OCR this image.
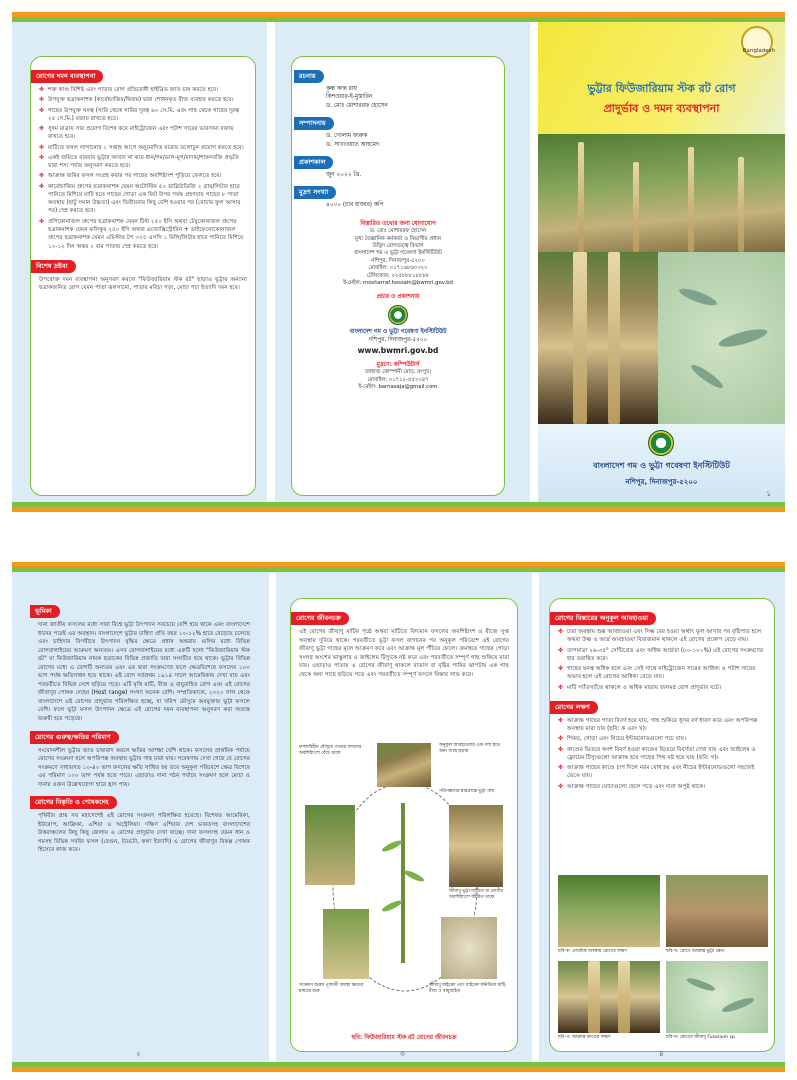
রোগের দমন ব্যবস্থাপনা
✤ শক্ত কাণ্ড বিশিষ্ট এবং পাতার রোগ প্রতিরোধী হাইব্রিড জাত চাষ করতে হবে।
✤ উপযুক্ত ছত্রাকনাশক (কার্বেন্ডাজিম/থিরাম) দ্বারা শোধনকৃত বীজ ব্যবহার করতে হবে।
✤ গাছের উপযুক্ত ঘনত্ব (সারি থেকে সারির দূরত্ব ৬০ সে.মি. এবং গাছ থেকে গাছের দূরত্ব ২৫ সে.মি.) বজায় রাখতে হবে।
✤ সুষম মাত্রায় সার প্রয়োগ বিশেষ করে নাইট্রোজেন এবং পটাশ সারের ভারসাম্য বজায় রাখতে হবে।
✤ মাটিতে ফসল লাগানোর ১ সপ্তাহ আগে অনুমোদিত মাত্রায় ডলোচুন প্রয়োগ করতে হবে।
✤ একই জমিতে বারবার ভুট্টার আবাদ না করে ধান/গম/ডাল-মুগ/বাদাম/শাকসবজি প্রভৃতি দ্বারা শস্য পর্যায় অনুসরণ করতে হবে।
✤ আক্রান্ত জমির ফসল সংগ্রহ করার পর গাছের অবশিষ্টাংশ পুড়িয়ে ফেলতে হবে।
✤ কার্বেন্ডাজিম গ্রুপের ছত্রাকনাশক যেমন অটোস্টিন ৫০ ডাব্লিউডিজি ২ গ্রাম/লিটার হারে পানিতে মিশিয়ে মাটি হতে গাছের গোড়া এক ফিট উপর পর্যন্ত গ্রহণযায় গাছের ৮ পাতা অবস্থায় (হাটু সমান উচ্চতা) এবং দ্বিতীয়বার কিছু বেশি হওয়ার পর (মোচায় ফুল আসার পর) স্প্রে করতে হবে।
✤ প্রপিকোনাজল গ্রুপের ছত্রাকনাশক যেমন টিল্ট ২৫০ ইসি অথবা টেবুকোনাজল গ্রুপের ছত্রাকনাশক যেমন ফলিকুর ২৫০ ইসি অথবা এজোক্সিস্ট্রোবিন + ডাইফেনোকোনাজল গ্রুপের ছত্রাকনাশক যেমন এমিস্টার টপ ৩২৫ এসসি ১ মিলি/লিটার হারে পানিতে মিশিয়ে ১০-১২ দিন অন্তর ২ বার পাতায় স্প্রে করতে হবে।
বিশেষ দ্রষ্টব্য
উপরোক্ত দমন ব্যবস্থাপনা অনুসরণ করলে "ফিউজারিয়াম স্টক রট" ছাড়াও ভুট্টার অন্যান্য ছত্রাকজনিত রোগ যেমন পাতা ঝলসানো, পাতার মরিচা পড়া, মোচা পচা ইত্যাদি দমন হবে।
রচনায়
কৃষ্ণ কান্ত রায়
কিশওয়ার-ই-মুস্তারিন
ড. মোঃ মোশাররফ হোসেন
সম্পাদনায়
ড. গোলাম ফারুক
ড. সাখাওয়াত আহমেদ
প্রকাশকাল
জুন ২০২২ খ্রি.
মুদ্রণ সংখ্যা
৪০০০ (চার হাজার) কপি
বিস্তারিত তথ্যের জন্য যোগাযোগ
ড. মোঃ মোশাররফ হোসেন
মুখ্য বৈজ্ঞানিক কর্মকর্তা ও বিভাগীয় প্রধান
উদ্ভিদ রোগতত্ত্ব বিভাগ
বাংলাদেশ গম ও ভুট্টা গবেষণা ইনস্টিটিউট
নশিপুর, দিনাজপুর-৫২০০
মোবাইল: ০১৭১৬৮৬০৩২০
টেলিফোন: ০২৫৮৮৮১৮৮৮৮
ই-মেইল: mosharraf.hossain@bwmri.gov.bd
প্রচার ও প্রকাশনায়
বাংলাদেশ গম ও ভুট্টা গবেষণা ইনস্টিটিউট
নশিপুর, দিনাজপুর-৫২০০
www.bwmri.gov.bd
মুদ্রণে: কম্পিউটার্স
জাহাজ কোম্পানী মোড়, রংপুর।
মোবাইল: ০১৭১২-৫৫২০৪৭
ই-মেইল: barnasaja@gmail.com
Bangladesh
ভুট্টার ফিউজারিয়াম স্টক রট রোগ
প্রাদুর্ভাব ও দমন ব্যবস্থাপনা
বাংলাদেশ গম ও ভুট্টা গবেষণা ইনস্টিটিউট
নশিপুর, দিনাজপুর-৫২০০
১
ভূমিকা
দানা জাতীয় ফসলের মধ্যে সারা বিশ্বে ভুট্টা উৎপাদন সবচেয়ে বেশি হয়ে থাকে এবং বাংলাদেশে ধানের পরেই এর অবস্থান। বাংলাদেশে ভুট্টার চাহিদা প্রতি বছর ১০-১২% হারে বেড়েছে চলেছে এবং চাহিদার বিপরীতে উৎপাদন বৃদ্ধির ক্ষেত্রে প্রধান অন্তরায় গুলির মধ্যে বিভিন্ন রোগবালাইয়ের আক্রমণ অন্যতম। এসব রোগবালাইয়ের মধ্যে একটি হলো "ফিউজারিয়াম স্টক রট" যা ফিউজারিয়াম নামক ছত্রাকের বিভিন্ন প্রজাতি দ্বারা সংঘটিত হয়ে থাকে। ভুট্টার বিভিন্ন রোগের মধ্যে এ রোগটি অন্যতম এবং এর দ্বারা সংক্রমণের ফলে ক্ষেত্রবিশেষে ফসলের ১০০ ভাগ পর্যন্ত ক্ষতিসাধন হয়ে থাকে। এই রোগ সর্বপ্রথম ১৯১৪ সালে আমেরিকায় দেখা যায় এবং পরবর্তীতে বিভিন্ন দেশে ছড়িয়ে পড়ে। এটি মৃত্তি মাটি, বীজ ও বায়ুবাহিত রোগ এবং এই রোগের জীবাণুর পোষক দেহের (Host range) সংখ্যা অনেক বেশি। সম্প্রতিকালে, ২০২০ সাল থেকে বাংলাদেশে এই রোগের প্রাদুর্ভাব পরিলক্ষিত হচ্ছে, যা খরিপ মৌসুমে অবমুক্তায় ভুট্টা ফসলে বেশি। ফলে ভুট্টা ফসল উৎপাদন ক্ষেত্রে এই রোগের দমন ব্যবস্থাপনা অনুসরণ করা অত্যন্ত জরুরী হয়ে পড়েছে।
রোগের গুরুত্ব/ক্ষতির পরিমাণ
সংবেদনশীল ভুট্টার জাত চাষাবাদ করলে ক্ষতির আশঙ্কা বেশি থাকে। ফসলের প্রাথমিক পর্যায়ে রোগের সংক্রমণ হলে অপরিপক্ক অবস্থায় ভুট্টার গাছ মারা যায়। গবেষণায় দেখা গেছে যে রোগের সংক্রমণে সাধারণত ১০-৪০ ভাগ ফসলের ক্ষতি সাধিত হয় তবে অনুকূল পরিবেশে ক্ষেত্র বিশেষে এর পরিমাণ ১০০ ভাগ পর্যন্ত হতে পারে। এছাড়াও দানা গঠন পর্যায়ে সংক্রমণ হলে মোচা ও দানার ওজন উল্লেখযোগ্য হারে হ্রাস পায়।
রোগের বিস্তৃতি ও পোষকদেহ
পৃথিবীর প্রায় সব মহাদেশেই এই রোগের সংক্রমণ পরিলক্ষিত হয়েছে। বিশেষত আমেরিকা, ইউরোপ, আফ্রিকা, এশিয়া ও অস্ট্রেলিয়া। দক্ষিণ এশিয়ার দেশ ভারতসহ বাংলাদেশের উত্তরাঞ্চলের কিছু কিছু জেলায় এ রোগের প্রাদুর্ভাব দেখা যাচ্ছে। দানা ফসলসহ যেমন ধান ও গমসহ বিভিন্ন সবজি ফসল (বেগুন, টমেটো, কলা ইত্যাদি) এ রোগের জীবাণুর বিকল্প পোষক হিসেবে কাজ করে।
২
রোগের জীবনচক্র
এই রোগের জীবাণু মাটির পৃষ্ঠে অথবা মাটিতে বিদ্যমান ফসলের অবশিষ্টাংশ ও বীজে সুপ্ত অবস্থায় দুবিয়ে থাকে। পরবর্তীতে ভুট্টা ফসল বাগানের পর অনুকূল পরিবেশে এই রোগের জীবাণু ভুট্টা গাছের মূলে আক্রমণ করে এবং আক্রান্ত মূল পঁচিয়ে ফেলে। ক্রমান্বয়ে গাছের গোড়া সংলগ্ন অংশের ভাস্কুলার ও জাইলেম টিস্যুকে নষ্ট করে এবং পরবর্তীতে সম্পূর্ণ গাছ শুকিয়ে মারা যায়। এছাড়াও পাতায় এ রোগের জীবাণু থাকলে বাতাস বা বৃষ্টির পানির ঝাপটায় এক গাছ থেকে অন্য গাছে ছড়িয়ে পড়ে এবং পরবর্তীতে সম্পূর্ণ ফসলে বিস্তার লাভ করে।
ফসলবিহীন মৌসুমে পাতার ফসলের অবশিষ্টাংশে বেঁচে থাকে
অনুকূল আবহাওয়ায় এক গাছ হতে অন্য গাছে ছড়ায়
পরিপক্কতার দ্বারপ্রান্তে ভুট্টা গাছ
জীবাণু ভুট্টা মাটিতে বা রোগীর অবশিষ্টাংশে জীবিত থাকে
সংক্রমণ শুরুর পূর্ববর্তী অবস্থা ক্ষতের মাধ্যমে শুরু
জীবাণু মাইক্রো এবং মাইক্রো কনিডিয়া মাটি, বীজ ও বায়ুবাহিত
ছবি: ফিউজারিয়াম স্টক রট রোগের জীবনচক্র
৩
রোগের বিস্তারের অনুকূল আবহাওয়া
✤ চারা অবস্থায় শুষ্ক আবহাওয়া এবং সিল্ক বের হওয়া অর্থাৎ ফুল আসার পর বৃষ্টিপাত হলে অথবা উষ্ণ ও আর্দ্র আবহাওয়া বিরাজমান থাকলে এই রোগের প্রকোপ বেড়ে যায়।
✤ তাপমাত্রা ২৬-৩৫° সেন্টিগ্রেড এবং অধিক আর্দ্রতা (৮০-১০০%) এই রোগের সংক্রমণের হার তরান্বিত করে।
✤ গাছের ঘনত্ব অধিক হলে এবং সেই সাথে নাইট্রোজেন সারের আধিক্য ও পটাশ সারের অভাব হলে এই রোগের আধিক্য বেড়ে যায়।
✤ মাটি স্যাঁতস্যাঁতে থাকলে ও অধিক মাত্রায় জলমগ্ন রোগ প্রাদুর্ভাব ঘটে।
রোগের লক্ষণ
✤ আক্রান্ত গাছের পাতা বিবর্ণ হয়ে যায়, গাছ শুকিয়ে ধূসর বর্ণ ধারণ করে এবং অপরিপক্ক অবস্থায় মারা যায় (ছবি: ক এবং খ)।
✤ শিকড়, গোড়া এবং নিচের ইন্টারনোডগুলো পচে যায়।
✤ কাণ্ডের ভিতরে অংশ বিবর্ণ হওয়া কাণ্ডের ভিতরে বিবর্ণতা দেখা যায় এবং জাইলেম ও ফ্লোয়েম টিস্যুগুলো আক্রান্ত হয়ে গাছের পিথ নষ্ট হয়ে যায় (ছবি: গ)।
✤ আক্রান্ত গাছের কাণ্ডে চাপ দিলে নরম বোধ হয় এবং নীচের ইন্টারনোডগুলো সহজেই ভেঙে যায়।
✤ আক্রান্ত গাছের মোচাগুলো হেলে পড়ে এবং দানা অপুষ্ট থাকে।
ছবি-ক: প্রাথমিক অবস্থায় রোগের লক্ষণ	ছবি-খ: রোগে আক্রান্ত ভুট্টা ক্ষেত
ছবি-গ: আক্রান্ত কাণ্ডের লক্ষণ	ছবি-ঘ: রোগের জীবাণু Fusarium sp.
৪
